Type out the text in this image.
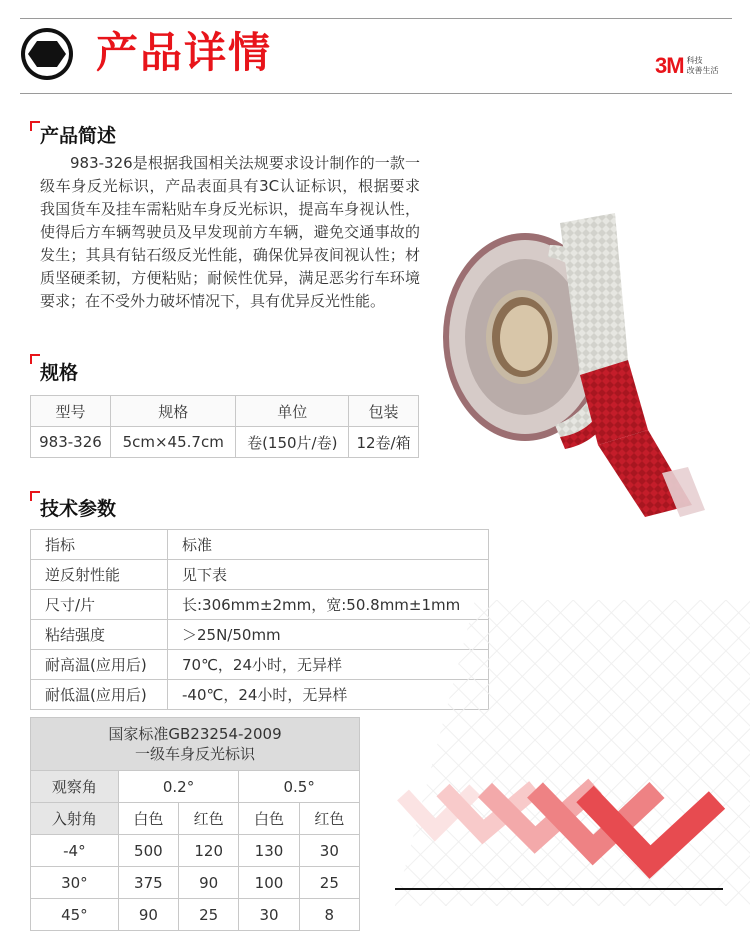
产品详情	3M 科技
改善生活
产品简述
983-326是根据我国相关法规要求设计制作的一款一级车身反光标识，产品表面具有3C认证标识，根据要求我国货车及挂车需粘贴车身反光标识，提高车身视认性，使得后方车辆驾驶员及早发现前方车辆，避免交通事故的发生；其具有钻石级反光性能，确保优异夜间视认性；材质坚硬柔韧，方便粘贴；耐候性优异，满足恶劣行车环境要求；在不受外力破坏情况下，具有优异反光性能。
规格
型号	规格	单位	包装
983-326	5cm×45.7cm	卷(150片/卷)	12卷/箱
技术参数
指标	标准
逆反射性能	见下表
尺寸/片	长:306mm±2mm，宽:50.8mm±1mm
粘结强度	＞25N/50mm
耐高温(应用后)	70℃，24小时，无异样
耐低温(应用后)	-40℃，24小时，无异样
国家标准GB23254-2009
一级车身反光标识				
观察角	0.2°		0.5°	
入射角	白色	红色	白色	红色
-4°	500	120	130	30
30°	375	90	100	25
45°	90	25	30	8
